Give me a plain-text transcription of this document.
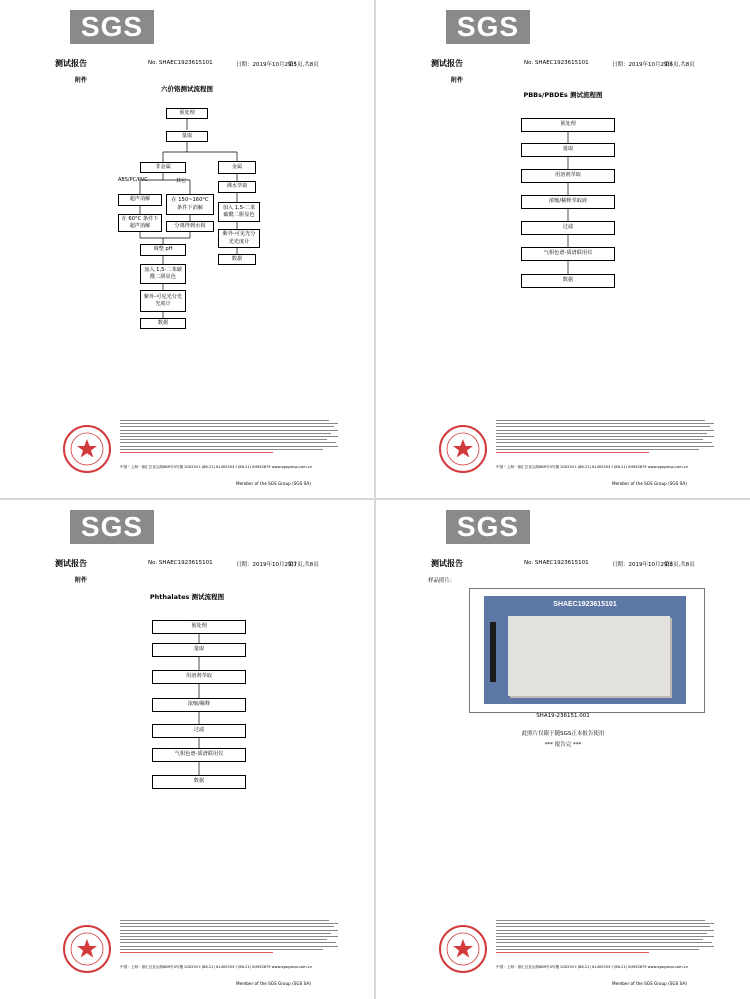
SGS
测试报告	No. SHAEC1923615101	日期：2019年10月29日
第5页,共8页
附件
六价铬测试流程图
预处理
量取
非金属	金属
ABS/PC/PVC	其它
超声消解	在 150~160°C 条件下消解
在 60°C 条件下超声消解	分离得到水相
沸水萃取
加入 1,5-二苯碳酰二肼显色
紫外-可见光分光光度计
数据
调整 pH
加入 1,5-二苯碳酰二肼显色
紫外-可见光分光光度计
数据
中国・上海・徐汇区宜山路889号3号楼 200233 t (86-21) 61402553 f (86-21) 64953679 www.sgsgroup.com.cn
Member of the SGS Group (SGS SA)
SGS
测试报告	No. SHAEC1923615101	日期：2019年10月29日
第6页,共8页
附件
PBBs/PBDEs 测试流程图
预处理
量取
用溶剂萃取
浓缩/稀释萃取液
过滤
气相色谱-质谱联用仪
数据
中国・上海・徐汇区宜山路889号3号楼 200233 t (86-21) 61402553 f (86-21) 64953679 www.sgsgroup.com.cn
Member of the SGS Group (SGS SA)
SGS
测试报告	No. SHAEC1923615101	日期：2019年10月29日
第7页,共8页
附件
Phthalates 测试流程图
预处理
量取
用溶剂萃取
浓缩/稀释
过滤
气相色谱-质谱联用仪
数据
中国・上海・徐汇区宜山路889号3号楼 200233 t (86-21) 61402553 f (86-21) 64953679 www.sgsgroup.com.cn
Member of the SGS Group (SGS SA)
SGS
测试报告	No. SHAEC1923615101	日期：2019年10月29日
第8页,共8页
样品照片:
SHAEC1923615101
SHA19-236151.001
此照片仅限于随SGS正本报告使用
*** 报告完 ***
中国・上海・徐汇区宜山路889号3号楼 200233 t (86-21) 61402553 f (86-21) 64953679 www.sgsgroup.com.cn
Member of the SGS Group (SGS SA)
